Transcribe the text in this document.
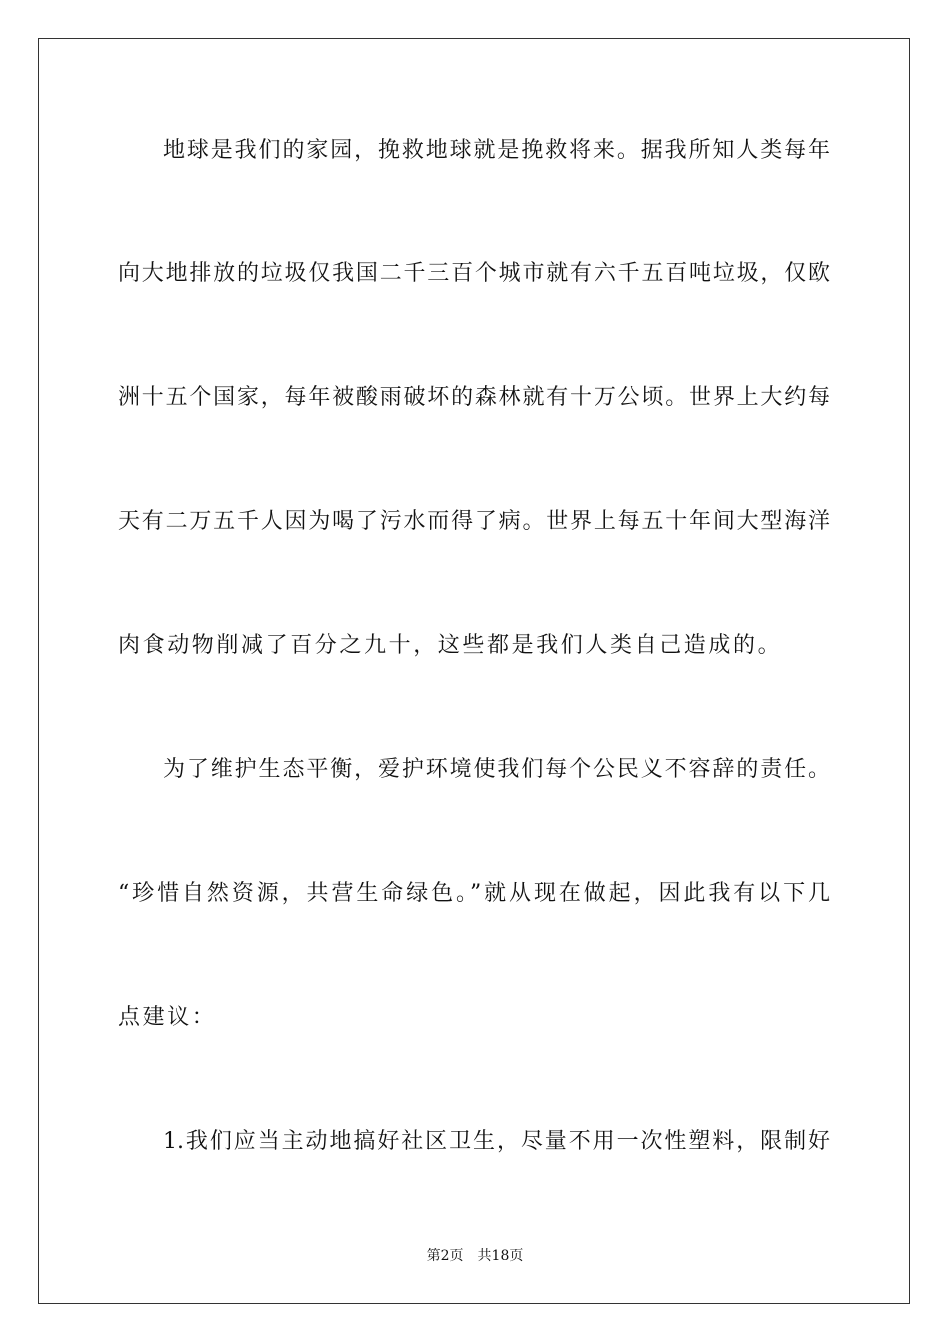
地球是我们的家园，挽救地球就是挽救将来。据我所知人类每年
向大地排放的垃圾仅我国二千三百个城市就有六千五百吨垃圾，仅欧
洲十五个国家，每年被酸雨破坏的森林就有十万公顷。世界上大约每
天有二万五千人因为喝了污水而得了病。世界上每五十年间大型海洋
肉食动物削减了百分之九十，这些都是我们人类自己造成的。
为了维护生态平衡，爱护环境使我们每个公民义不容辞的责任。
“珍惜自然资源，共营生命绿色。”就从现在做起，因此我有以下几
点建议：
1.我们应当主动地搞好社区卫生，尽量不用一次性塑料，限制好
第2页 共18页
